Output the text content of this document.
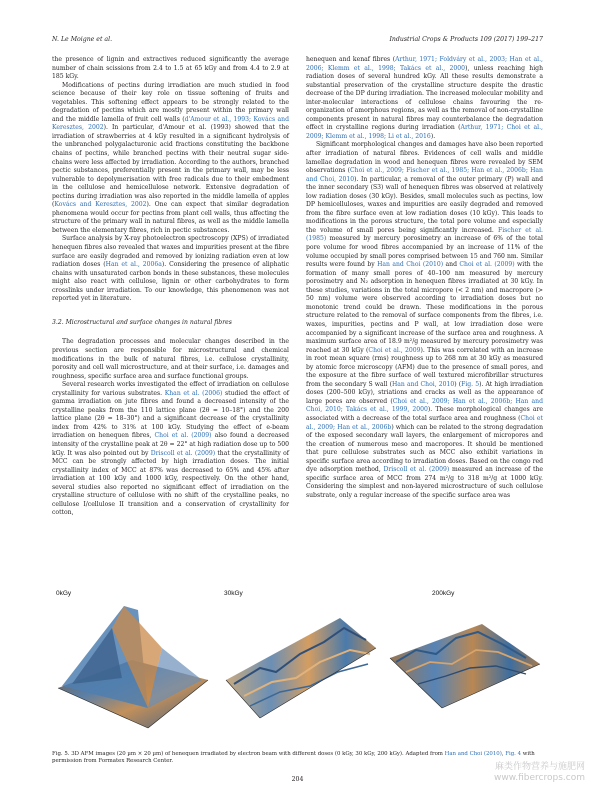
N. Le Moigne et al.	Industrial Crops & Products 109 (2017) 199–217

the presence of lignin and extractives reduced significantly the average number of chain scissions from 2.4 to 1.5 at 65 kGy and from 4.4 to 2.9 at 185 kGy.

Modifications of pectins during irradiation are much studied in food science because of their key role on tissue softening of fruits and vegetables. This softening effect appears to be strongly related to the degradation of pectins which are mostly present within the primary wall and the middle lamella of fruit cell walls (d'Amour et al., 1993; Kovács and Keresztes, 2002). In particular, d'Amour et al. (1993) showed that the irradiation of strawberries at 4 kGy resulted in a significant hydrolysis of the unbranched polygalacturonic acid fractions constituting the backbone chains of pectins, while branched pectins with their neutral sugar side-chains were less affected by irradiation. According to the authors, branched pectic substances, preferentially present in the primary wall, may be less vulnerable to depolymerisation with free radicals due to their embedment in the cellulose and hemicellulose network. Extensive degradation of pectins during irradiation was also reported in the middle lamella of apples (Kovács and Keresztes, 2002). One can expect that similar degradation phenomena would occur for pectins from plant cell walls, thus affecting the structure of the primary wall in natural fibres, as well as the middle lamella between the elementary fibres, rich in pectic substances.

Surface analysis by X-ray photoelectron spectroscopy (XPS) of irradiated henequen fibres also revealed that waxes and impurities present at the fibre surface are easily degraded and removed by ionizing radiation even at low radiation doses (Han et al., 2006a). Considering the presence of aliphatic chains with unsaturated carbon bonds in these substances, these molecules might also react with cellulose, lignin or other carbohydrates to form crosslinks under irradiation. To our knowledge, this phenomenon was not reported yet in literature.

3.2. Microstructural and surface changes in natural fibres

The degradation processes and molecular changes described in the previous section are responsible for microstructural and chemical modifications in the bulk of natural fibres, i.e. cellulose crystallinity, porosity and cell wall microstructure, and at their surface, i.e. damages and roughness, specific surface area and surface functional groups.

Several research works investigated the effect of irradiation on cellulose crystallinity for various substrates. Khan et al. (2006) studied the effect of gamma irradiation on jute fibres and found a decreased intensity of the crystalline peaks from the 110 lattice plane (2θ = 10–18°) and the 200 lattice plane (2θ = 18–30°) and a significant decrease of the crystallinity index from 42% to 31% at 100 kGy. Studying the effect of e-beam irradiation on henequen fibres, Choi et al. (2009) also found a decreased intensity of the crystalline peak at 2θ = 22° at high radiation dose up to 500 kGy. It was also pointed out by Driscoll et al. (2009) that the crystallinity of MCC can be strongly affected by high irradiation doses. The initial crystallinity index of MCC at 87% was decreased to 65% and 45% after irradiation at 100 kGy and 1000 kGy, respectively. On the other hand, several studies also reported no significant effect of irradiation on the crystalline structure of cellulose with no shift of the crystalline peaks, no cellulose I/cellulose II transition and a conservation of crystallinity for cotton,

henequen and kenaf fibres (Arthur, 1971; Foldváry et al., 2003; Han et al., 2006; Klemm et al., 1998; Takács et al., 2000), unless reaching high radiation doses of several hundred kGy. All these results demonstrate a substantial preservation of the crystalline structure despite the drastic decrease of the DP during irradiation. The increased molecular mobility and inter-molecular interactions of cellulose chains favouring the re-organization of amorphous regions, as well as the removal of non-crystalline components present in natural fibres may counterbalance the degradation effect in crystalline regions during irradiation (Arthur, 1971; Choi et al., 2009; Klemm et al., 1998; Li et al., 2016).

Significant morphological changes and damages have also been reported after irradiation of natural fibres. Evidences of cell walls and middle lamellae degradation in wood and henequen fibres were revealed by SEM observations (Choi et al., 2009; Fischer et al., 1985; Han et al., 2006b; Han and Choi, 2010). In particular, a removal of the outer primary (P) wall and the inner secondary (S3) wall of henequen fibres was observed at relatively low radiation doses (30 kGy). Besides, small molecules such as pectins, low DP hemicelluloses, waxes and impurities are easily degraded and removed from the fibre surface even at low radiation doses (10 kGy). This leads to modifications in the porous structure, the total pore volume and especially the volume of small pores being significantly increased. Fischer et al. (1985) measured by mercury porosimetry an increase of 6% of the total pore volume for wood fibres accompanied by an increase of 11% of the volume occupied by small pores comprised between 15 and 760 nm. Similar results were found by Han and Choi (2010) and Choi et al. (2009) with the formation of many small pores of 40–100 nm measured by mercury porosimetry and N₂ adsorption in henequen fibres irradiated at 30 kGy. In these studies, variations in the total micropore (< 2 nm) and macropore (> 50 nm) volume were observed according to irradiation doses but no monotonic trend could be drawn. These modifications in the porous structure related to the removal of surface components from the fibres, i.e. waxes, impurities, pectins and P wall, at low irradiation dose were accompanied by a significant increase of the surface area and roughness. A maximum surface area of 18.9 m²/g measured by mercury porosimetry was reached at 30 kGy (Choi et al., 2009). This was correlated with an increase in root mean square (rms) roughness up to 268 nm at 30 kGy as measured by atomic force microscopy (AFM) due to the presence of small pores, and the exposure at the fibre surface of well textured microfibrillar structures from the secondary S wall (Han and Choi, 2010) (Fig. 5). At high irradiation doses (200–500 kGy), striations and cracks as well as the appearance of large pores are observed (Choi et al., 2009; Han et al., 2006b; Han and Choi, 2010; Takács et al., 1999, 2000). These morphological changes are associated with a decrease of the total surface area and roughness (Choi et al., 2009; Han et al., 2006b) which can be related to the strong degradation of the exposed secondary wall layers, the enlargement of micropores and the creation of numerous meso and macropores. It should be mentioned that pure cellulose substrates such as MCC also exhibit variations in specific surface area according to irradiation doses. Based on the congo red dye adsorption method, Driscoll et al. (2009) measured an increase of the specific surface area of MCC from 274 m²/g to 318 m²/g at 1000 kGy. Considering the simplest and non-layered microstructure of such cellulose substrate, only a regular increase of the specific surface area was

0kGy	30kGy	200kGy
Fig. 5. 3D AFM images (20 µm × 20 µm) of henequen irradiated by electron beam with different doses (0 kGy, 30 kGy, 200 kGy). Adapted from Han and Choi (2010), Fig. 4 with permission from Formatex Research Center.
204
麻类作物营养与施肥网
www.fibercrops.com
